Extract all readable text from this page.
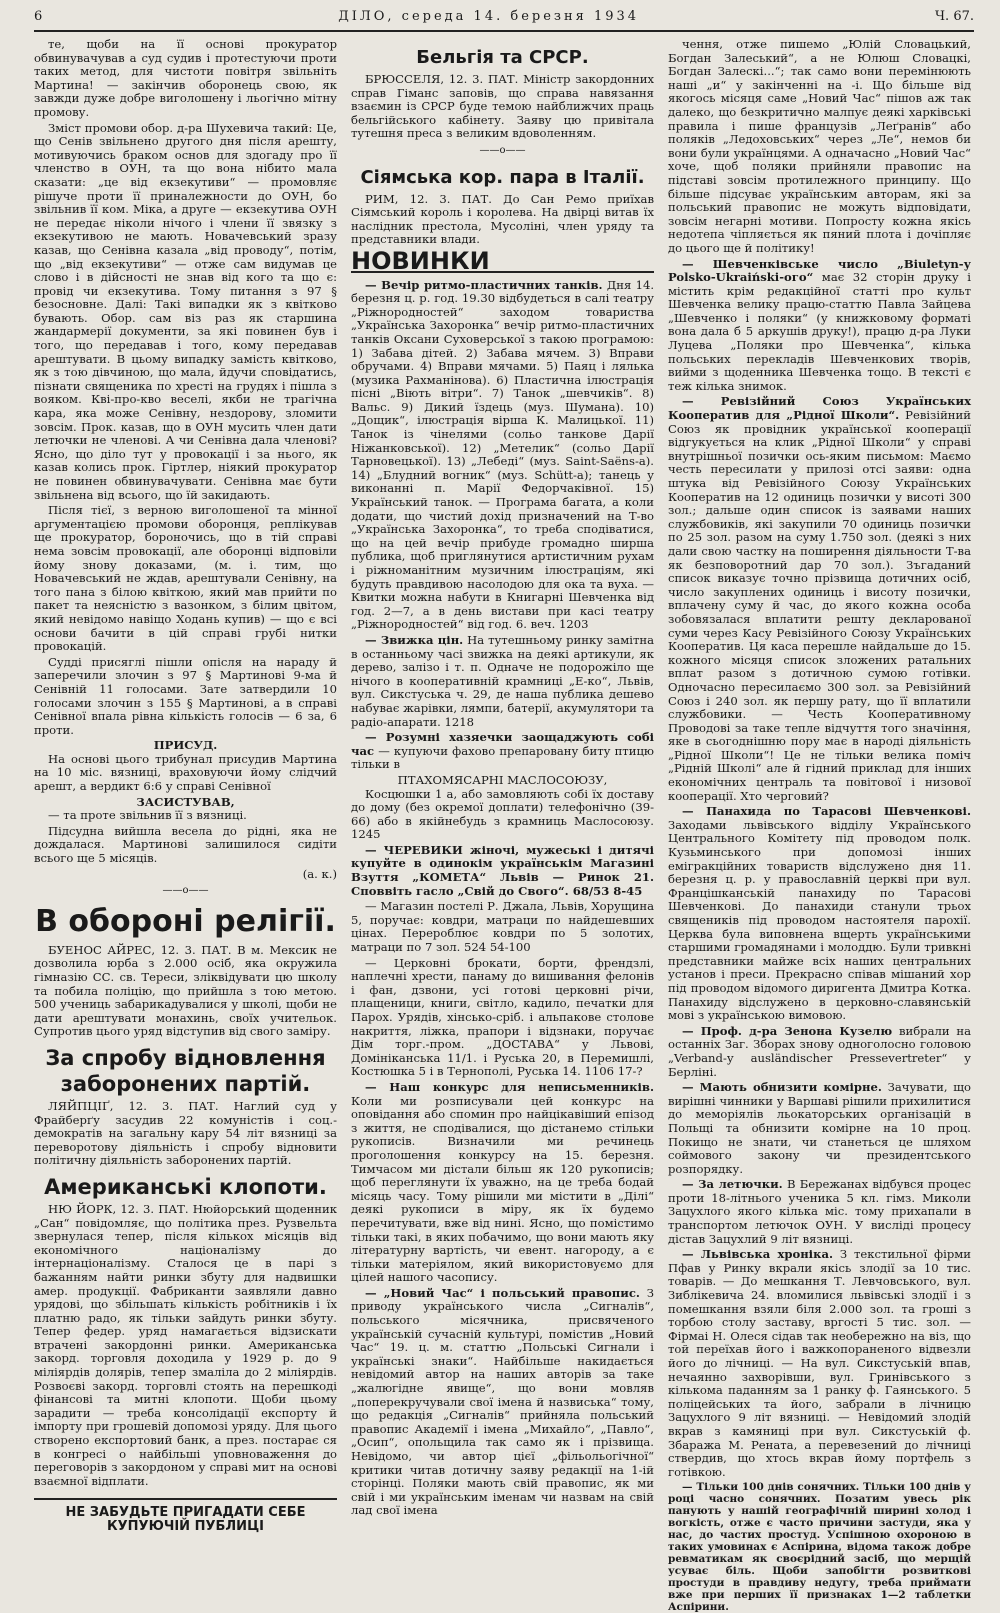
6	ДІЛО, середа 14. березня 1934	Ч. 67.

те, щоби на її основі прокуратор обвинувачував а суд судив і протестуючи проти таких метод, для чистоти повітря звільніть Мартина! — закінчив оборонець свою, як завжди дуже добре виголошену і льогічно мітну промову.

Зміст промови обор. д-ра Шухевича такий: Це, що Сенів звільнено другого дня після арешту, мотивуючись браком основ для здогаду про її членство в ОУН, та що вона нібито мала сказати: „це від екзекутиви“ — промовляє рішуче проти її приналежности до ОУН, бо звільнив її ком. Міка, а друге — екзекутива ОУН не передає ніколи нічого і члени її звязку з екзекутивою не мають. Новачевський зразу казав, що Сенівна казала „від проводу“, потім, що „від екзекутиви“ — отже сам видумав це слово і в дійсності не знав від кого та що є: провід чи екзекутива. Тому питання з 97 § безосновне. Далі: Такі випадки як з квітково бувають. Обор. сам віз раз як старшина жандармерії документи, за які повинен був і того, що передавав і того, кому передавав арештувати. В цьому випадку замість квітково, як з тою дівчиною, що мала, йдучи сповідатись, пізнати священика по хресті на грудях і пішла з вояком. Кві-про-кво веселі, якби не трагічна кара, яка може Сенівну, нездорову, зломити зовсім. Прок. казав, що в ОУН мусить член дати летючки не членові. А чи Сенівна дала членові? Ясно, що ділo тут у провокації і за нього, як казав колись прок. Гіртлер, ніякий прокуратор не повинен обвинувачувати. Сенівна має бути звільнена від всього, що їй закидають.

Після тієї, з верною виголошеної та мінної аргументацією промови оборонця, реплікував ще прокуратор, бороночись, що в тій справі нема зовсім провокації, але оборонці відповіли йому знову доказами, (м. і. тим, що Новачевський не ждав, арештували Сенівну, на того пана з білою квіткою, який мав прийти по пакет та неясністю з вазонком, з білим цвітом, який невідомо навіщо Ходань купив) — що є всі основи бачити в цій справі грубі нитки провокацій.

Судді присяглі пішли опісля на нараду й заперечили злочин з 97 § Мартинові 9-ма й Сенівній 11 голосами. Зате затвердили 10 голосами злочин з 155 § Мартинові, а в справі Сенівної впала рівна кількість голосів — 6 за, 6 проти.

ПРИСУД.

На основі цього трибунал присудив Мартина на 10 міс. вязниці, враховуючи йому слідчий арешт, а вердикт 6:6 у справі Сенівної

ЗАСИСТУВАВ,

— та проте звільнив її з вязниці.

Підсудна вийшла весела до рідні, яка не дождалася. Мартинові залишилося сидіти всього ще 5 місяців.

(а. к.)
——o——
В обороні релігії.

БУЕНОС АЙРЕС, 12. 3. ПАТ. В м. Мексик не дозволила юрба з 2.000 осіб, яка окружила гімназію СС. св. Тереси, зліквідувати цю школу та побила поліцію, що прийшла з тою метою. 500 учениць забарикадувалися у школі, щоби не дати арештувати монахинь, своїх учительок. Супротив цього уряд відступив від свого заміру.

За спробу відновлення заборонених партій.

ЛЯЙПЦІҐ, 12. 3. ПАТ. Наглий суд у Фрайберґу засудив 22 комуністів і соц.-демократів на загальну кару 54 літ вязниці за переворотову діяльність і спробу відновити політичну діяльність заборонених партій.

Американські клопоти.

НЮ ЙОРК, 12. 3. ПАТ. Нюйорський щоденник „Сан“ повідомляє, що політика през. Рузвельта звернулася тепер, після кількох місяців від економічного націоналізму до інтернаціоналізму. Сталося це в парі з бажанням найти ринки збуту для надвишки амер. продукції. Фабриканти заявляли давно урядові, що збільшать кількість робітників і їх платню радо, як тільки зайдуть ринки збуту. Тепер федер. уряд намагається відзискати втрачені закордонні ринки. Американська закорд. торговля доходила у 1929 р. до 9 міліярдів долярів, тепер змаліла до 2 міліярдів. Розвоєві закорд. торговлі стоять на перешкоді фінансові та митні клопоти. Щоби цьому зарадити — треба консолідації експорту й імпорту при грошевій допомозі уряду. Для цього створено експортовий банк, а през. постарає ся в конгресі о найбільші уповноваження до переговорів з закордоном у справі мит на основі взаємної відплати.

НЕ ЗАБУДЬТЕ ПРИГАДАТИ СЕБЕ КУПУЮЧІЙ ПУБЛИЦІ
Бельгія та СРСР.

БРЮССЕЛЯ, 12. 3. ПАТ. Міністр закордонних справ Гіманс заповів, що справа навязання взаємин із СРСР буде темою найближчих праць бельгійського кабінету. Заяву цю привітала тутешня преса з великим вдоволенням.

——o——
Сіямська кор. пара в Італії.

РИМ, 12. 3. ПАТ. До Сан Ремо приїхав Сіямський король і королева. На двірці витав їх наслідник престола, Мусоліні, член уряду та представники влади.

НОВИНКИ

— Вечір ритмо-пластичних танків. Дня 14. березня ц. р. год. 19.30 відбудеться в салі театру „Ріжнородностей“ заходом товариства „Українська Захоронка“ вечір ритмо-пластичних танків Оксани Суховерської з такою програмою: 1) Забава дітей. 2) Забава мячем. 3) Вправи обручами. 4) Вправи мячами. 5) Паяц і лялька (музика Рахманінова). 6) Пластична ілюстрація пісні „Віють вітри“. 7) Танок „шевчиків“. 8) Вальс. 9) Дикий їздець (муз. Шумана). 10) „Дощик“, ілюстрація вірша К. Малицької. 11) Танок із чінелями (сольо танкове Дарії Ніжанковської). 12) „Метелик“ (сольо Дарії Тарновецької). 13) „Лебеді“ (муз. Saint-Saëns-а). 14) „Блудний вогник“ (муз. Schütt-а); танець у виконанні п. Марії Федорчаківної. 15) Український танок. — Програма багата, а коли додати, що чистий дохід призначений на Т-во „Українська Захоронка“, то треба сподіватися, що на цей вечір прибуде громадно ширша публика, щоб приглянутися артистичним рухам і ріжноманітним музичним ілюстраціям, які будуть правдивою насолодою для ока та вуха. — Квитки можна набути в Книгарні Шевченка від год. 2—7, а в день вистави при касі театру „Ріжнородностей“ від год. 6. веч. 1203

— Звижка цін. На тутешньому ринку замітна в останньому часі звижка на деякі артикули, як дерево, залізо і т. п. Одначе не подорожіло ще нічого в кооперативній крамниці „Е-ко“, Львів, вул. Сикстуська ч. 29, де наша публика дешево набуває жарівки, лямпи, батерії, акумулятори та радіо-апарати. 1218

— Розумні хазяечки заощаджують собі час — купуючи фахово препаровану биту птицю тільки в

ПТАХОМЯСАРНІ МАСЛОСОЮЗУ,

Косцюшки 1 а, або замовляють собі їх доставу до дому (без окремої доплати) телефонічно (39-66) або в якійнебудь з крамниць Маслосоюзу. 1245

— ЧЕРЕВИКИ жіночі, мужеські і дитячі купуйте в одинокім українськім Магазині Взуття „КОМЕТА“ Львів — Ринок 21. Споввіть гасло „Свій до Свого“. 68/53 8-45

— Магазин постелі Р. Джала, Львів, Хорущина 5, поручає: ковдри, матраци по найдешевших цінах. Перероблює ковдри по 5 золотих, матраци по 7 зол. 524 54-100

— Церковні брокати, борти, френдзлі, наплечні хрести, панаму до вишивання фелонів і фан, дзвони, усі готові церковні річи, плащеници, книги, світло, кадило, печатки для Парох. Урядів, хінсько-сріб. і альпакове столове накриття, ліжка, прапори і відзнаки, поручає Дім торг.-пром. „ДОСТАВА“ у Львові, Домініканська 11/1. і Руська 20, в Перемишлі, Костюшка 5 і в Тернополі, Руська 14. 1106 17-?

— Наш конкурс для неписьменників. Коли ми розписували цей конкурс на оповідання або спомин про найцікавіший епізод з життя, не сподівалися, що дістанемо стільки рукописів. Визначили ми речинець проголошення конкурсу на 15. березня. Тимчасом ми дістали більш як 120 рукописів; щоб переглянути їх уважно, на це треба бодай місяць часу. Тому рішили ми містити в „Ділі“ деякі рукописи в міру, як їх будемо перечитувати, вже від нині. Ясно, що помістимо тільки такі, в яких побачимо, що вони мають яку літературну вартість, чи евент. нагороду, а є тільки матеріялом, який використовуємо для цілей нашого часопису.

— „Новий Час“ і польський правопис. З приводу українського числа „Сигналів“, польського місячника, присвяченого українській сучасній культурі, помістив „Новий Час“ 19. ц. м. статтю „Польські Сигнали і українські знаки“. Найбільше накидається невідомий автор на наших авторів за таке „жалюгідне явище“, що вони мовляв „поперекручували свої імена й назвиська“ тому, що редакція „Сигналів“ прийняла польський правопис Академії і імена „Михайло“, „Павло“, „Осип“, опольщила так само як і прізвища. Невідомо, чи автор цієї „фільольогічної“ критики читав дотичну заяву редакції на 1-ій сторінці. Поляки мають свій правопис, як ми свій і ми українським іменам чи назвам на свій лад свої імена

чення, отже пишемо „Юлій Словацький, Богдан Залеський“, а не Юлюш Словацкі, Богдан Залескі...“; так само вони перемінюють наші „и“ у закінченні на -і. Що більше від якогось місяця саме „Новий Час“ пішов аж так далеко, що безкритично малпує деякі харківські правила і пише французів „Леґранів“ або поляків „Ледоховських“ через „Ле“, немов би вони були українцями. А одначасно „Новий Час“ хоче, щоб поляки прийняли правопис на підставі зовсім протилежного принципу. Що більше підсуває українським авторам, які за польський правопис не можуть відповідати, зовсім негарні мотиви. Попросту кожна якісь недотепа чіпляється як пяний плота і дочіпляє до цього ще й політику!

— Шевченківське число „Biuletyn-у Polsko-Ukraiński-ого“ має 32 сторін друку і містить крім редакційної статті про культ Шевченка велику працю-статтю Павла Зайцева „Шевченко і поляки“ (у книжковому форматі вона дала б 5 аркушів друку!), працю д-ра Луки Луцева „Поляки про Шевченка“, кілька польських перекладів Шевченкових творів, вийми з щоденника Шевченка тощо. В тексті є теж кілька знимок.

— Ревізійний Союз Українських Кооператив для „Рідної Школи“. Ревізійний Союз як провідник української кооперації відгукується на клик „Рідної Школи“ у справі внутрішньої позички ось-яким письмом: Маємо честь пересилати у прилозі отсі заяви: одна штука від Ревізійного Союзу Українських Кооператив на 12 одиниць позички у висоті 300 зол.; дальше один список із заявами наших службовиків, які закупили 70 одиниць позички по 25 зол. разом на суму 1.750 зол. (деякі з них дали свою частку на поширення діяльности Т-ва як безповоротний дар 70 зол.). Зъгаданий список виказує точно прізвища дотичних осіб, число закуплених одиниць і висоту позички, вплачену суму й час, до якого кожна особа зобовязалася вплатити решту декларованої суми через Касу Ревізійного Союзу Українських Кооператив. Ця каса перешле найдальше до 15. кожного місяця список зложених ратальних вплат разом з дотичною сумою готівки. Одночасно пересилаємо 300 зол. за Ревізійний Союз і 240 зол. як першу рату, що її вплатили службовики. — Честь Кооперативному Проводові за таке тепле відчуття того значіння, яке в сьогоднішню пору має в народі діяльність „Рідної Школи“! Це не тільки велика поміч „Рідній Школі“ але й гідний приклад для інших економічних централь та повітової і низової кооперації. Хто черговий?

— Панахида по Тарасові Шевченкові. Заходами львівського відділу Українського Центрального Комітету під проводом полк. Кузьминського при допомозі інших емігракційних товариств відслужено дня 11. березня ц. р. у православній церкві при вул. Францішканській панахиду по Тарасові Шевченкові. До панахиди станули трьох священиків під проводом настоятеля парохії. Церква була виповнена вщерть українськими старшими громадянами і молоддю. Були тривкні представники майже всіх наших центральних установ і преси. Прекрасно співав мішаний хор під проводом відомого диригента Дмитра Котка. Панахиду відслужено в церковно-славянській мові з українською вимовою.

— Проф. д-ра Зенона Кузелю вибрали на останніх Заг. Зборах знову одноголосно головою „Verband-у ausländischer Pressevertreter“ у Берліні.

— Мають обнизити комірне. Зачувати, що вирішні чинники у Варшаві рішили прихилитися до меморіялів льокаторських організацій в Польщі та обнизити комірне на 10 проц. Покищо не знати, чи станеться це шляхом соймового закону чи президентського розпорядку.

— За летючки. В Бережанах відбувся процес проти 18-літнього ученика 5 кл. гімз. Миколи Зацухлого якого кілька міс. тому прихапали в транспортом летючок ОУН. У висліді процесу дістав Зацухлий 9 літ вязниці.

— Львівська хроніка. З текстильної фірми Пфав у Ринку вкрали якісь злодії за 10 тис. товарів. — До мешкання Т. Левчовського, вул. Зиблікевича 24. вломилися львівські злодії і з помешкання взяли біля 2.000 зол. та гроші з торбою столу заставу, вргості 5 тис. зол. — Фірмаі Н. Олеся сідав так необережно на віз, що той переїхав його і важкопораненого відвезли його до лічниці. — На вул. Сикстуській впав, нечаянно захворівши, вул. Гринівського з кількома паданням за 1 ранку ф. Гаянського. 5 поліцейських та його, забрали в лічницю Зацухлого 9 літ вязниці. — Невідомий злодій вкрав з камяниці при вул. Сикстуській ф. Збаража М. Рената, а перевезений до лічниці ствердив, що хтось вкрав йому портфель з готівкою.

— Тільки 100 днів сонячних. Тільки 100 днів у році часно сонячних. Позатим увесь рік панують у нашій географічній ширині холод і вогкість, отже є часто причини застуди, яка у нас, до частих простуд. Успішною охороною в таких умовинах є Аспірина, відома також добре ревматикам як своєрідний засіб, що мерщій усуває біль. Щоби запобігти розвиткові простуди в правдиву недугу, треба приймати вже при перших її признаках 1—2 таблетки Аспірини.
